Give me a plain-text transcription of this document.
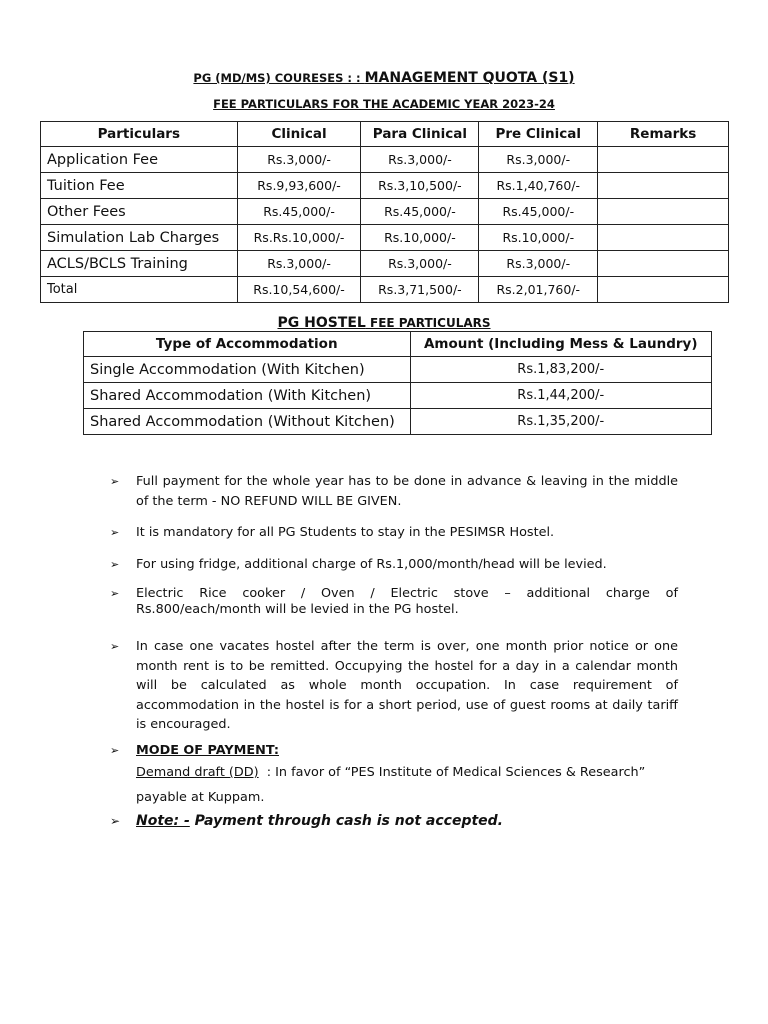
PG (MD/MS) COURESES : : MANAGEMENT QUOTA (S1)
FEE PARTICULARS FOR THE ACADEMIC YEAR 2023-24
Particulars	Clinical	Para Clinical	Pre Clinical	Remarks
Application Fee	Rs.3,000/-	Rs.3,000/-	Rs.3,000/-	
Tuition Fee	Rs.9,93,600/-	Rs.3,10,500/-	Rs.1,40,760/-	
Other Fees	Rs.45,000/-	Rs.45,000/-	Rs.45,000/-	
Simulation Lab Charges	Rs.Rs.10,000/-	Rs.10,000/-	Rs.10,000/-	
ACLS/BCLS Training	Rs.3,000/-	Rs.3,000/-	Rs.3,000/-	
Total	Rs.10,54,600/-	Rs.3,71,500/-	Rs.2,01,760/-	
PG HOSTEL FEE PARTICULARS
Type of Accommodation	Amount (Including Mess & Laundry)
Single Accommodation (With Kitchen)	Rs.1,83,200/-
Shared Accommodation (With Kitchen)	Rs.1,44,200/-
Shared Accommodation (Without Kitchen)	Rs.1,35,200/-
➢ Full payment for the whole year has to be done in advance & leaving in the middle of the term - NO REFUND WILL BE GIVEN.
➢ It is mandatory for all PG Students to stay in the PESIMSR Hostel.
➢ For using fridge, additional charge of Rs.1,000/month/head will be levied.
➢ Electric Rice cooker / Oven / Electric stove – additional charge of Rs.800/each/month will be levied in the PG hostel.
➢ In case one vacates hostel after the term is over, one month prior notice or one month rent is to be remitted. Occupying the hostel for a day in a calendar month will be calculated as whole month occupation. In case requirement of accommodation in the hostel is for a short period, use of guest rooms at daily tariff is encouraged.
➢ MODE OF PAYMENT:
Demand draft (DD)  : In favor of “PES Institute of Medical Sciences & Research”
payable at Kuppam.
➢ Note: - Payment through cash is not accepted.
